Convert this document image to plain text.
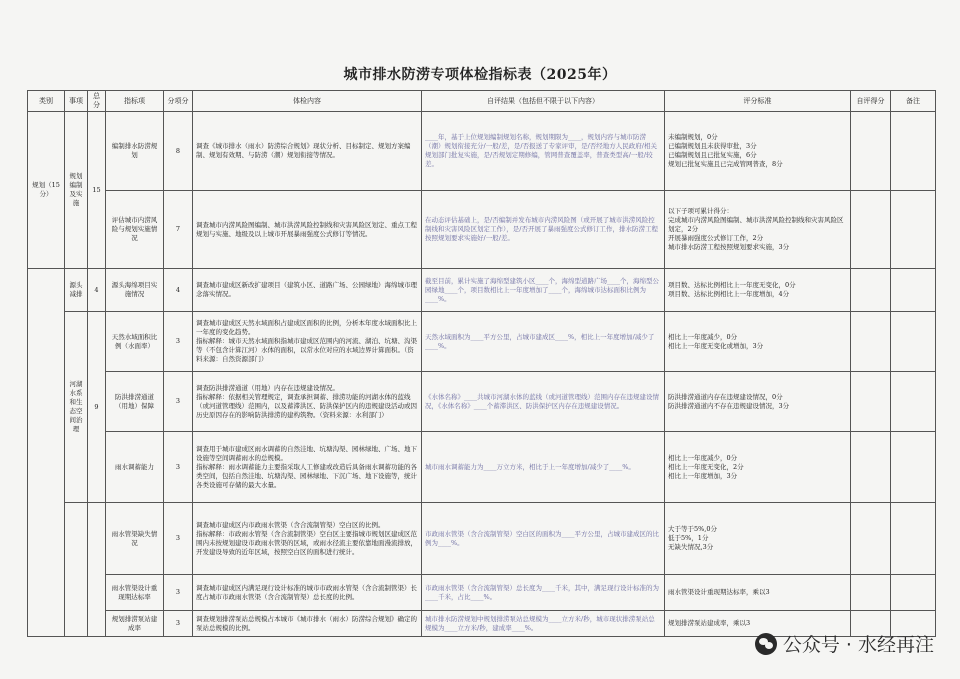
城市排水防涝专项体检指标表（2025年）
类别	事项	总分	指标项	分项分	体检内容	自评结果（包括但不限于以下内容）	评分标准	自评得分	备注
规划（15分）	规划编制及实施	15	编制排水防涝规划	8	调查《城市排水（雨水）防涝综合规划》现状分析、目标制定、规划方案编制、规划有效期、与防涝（潮）规划衔接等情况。	____年，基于上位规划编制规划名称，规划期限为____，规划内容与城市防涝（潮）规划衔接充分/一般/差，是/否报送了专家评审，是/否经地方人民政府/相关规划部门批复实施，是/否规划定期修编，管网普查覆盖率，普查类型高/一般/较差。	未编制规划，0分
已编制规划且未获得审批，3分
已编制规划且已批复实施，6分
规划已批复实施且已完成管网普查，8分		
			评估城市内涝风险与规划实施情况	7	调查城市内涝风险图编制、城市洪涝风险控制线和灾害风险区划定、重点工程规划与实施、地级及以上城市开展暴雨强度公式修订等情况。	在动态评估基础上，是/否编制并发布城市内涝风险图（或开展了城市洪涝风险控制线和灾害风险区划定工作），是/否开展了暴雨强度公式修订工作，排水防涝工程按照规划要求实施好/一般/差。	以下子项可累计得分：
完成城市内涝风险图编制、城市洪涝风险控制线和灾害风险区划定，2分
开展暴雨强度公式修订工作，2分
城市排水防涝工程按照规划要求实施，3分		
	源头减排	4	源头海绵项目实施情况	4	调查城市建成区新改扩建项目（建筑小区、道路广场、公园绿地）海绵城市理念落实情况。	截至目前，累计实施了海绵型建筑小区____个，海绵型道路广场____个，海绵型公园绿地____个，项目数相比上一年度增加了____个，海绵城市达标面积比例为____%。	项目数、达标比例相比上一年度无变化，0分
项目数、达标比例相比上一年度增加，4分		
	河湖水系和生态空间治理	9	天然水域面积比例（水面率）	3	调查城市建成区天然水域面积占建成区面积的比例，分析本年度水域面积比上一年度的变化趋势。
指标解释：城市天然水域面积指城市建成区范围内的河流、湖泊、坑塘、沟渠等（不包含计算江河）水体的面积，以常水位对应的水域边界计算面积。（资料来源：自然资源部门）	天然水域面积为____平方公里，占城市建成区____%，相比上一年度增加/减少了____%。	相比上一年度减少，0分
相比上一年度无变化或增加，3分		
			防洪排涝通道（用地）保障	3	调查防洪排涝通道（用地）内存在违规建设情况。
指标解释：依据相关管理规定，调查承担调蓄、排涝功能的河湖水体的蓝线（或河道管理线）范围内，以及蓄滞洪区、防洪保护区内的违规建设活动或因历史原因存在的影响防洪排涝的建构筑物。（资料来源：水利部门）	《水体名称》____共城市河湖水体的蓝线（或河道管理线）范围内存在违规建设情况，《水体名称》____个蓄滞洪区、防洪保护区内存在违规建设情况。	防洪排涝通道内存在违规建设情况，0分
防洪排涝通道内不存在违规建设情况，3分		
			雨水调蓄能力	3	调查用于城市建成区雨水调蓄的自然洼地、坑塘沟渠、园林绿地、广场、地下设施等空间调蓄雨水的总规模。
指标解释：雨水调蓄能力主要指采取人工修建或改造后具备雨水调蓄功能的各类空间，包括自然洼地、坑塘沟渠、园林绿地、下沉广场、地下设施等，统计各类设施可存储的最大水量。	城市雨水调蓄能力为____万立方米，相比于上一年度增加/减少了____%。	相比上一年度减少，0分
相比上一年度无变化，2分
相比上一年度增加，3分		
			雨水管渠缺失情况	3	调查城市建成区内市政雨水管渠（含合流制管渠）空白区的比例。
指标解释：市政雨水管渠（含合流制管渠）空白区主要指城市规划区建成区范围内未按规划建设市政雨水管渠的区域，或雨水径流主要依靠地面漫流排放，开发建设导致的近年区域，按照空白区的面积进行统计。	市政雨水管渠（含合流制管渠）空白区的面积为____平方公里，占城市建成区的比例为____%。	大于等于5%,0分
低于5%，1分
无缺失情况,3分		
			雨水管渠设计重现期达标率	3	调查城市建成区内满足现行设计标准的城市市政雨水管渠（含合流制管渠）长度占城市市政雨水管渠（含合流制管渠）总长度的比例。	市政雨水管渠（含合流制管渠）总长度为____千米，其中，满足现行设计标准的为____千米，占比____%。	雨水管渠设计重现期达标率，乘以3		
			规划排涝泵站建成率	3	调查规划排涝泵站总规模占本城市《城市排水（雨水）防涝综合规划》确定的泵站总规模的比例。	城市排水防涝规划中规划排涝泵站总规模为____立方米/秒，城市现状排涝泵站总规模为____立方米/秒，建成率____%。	规划排涝泵站建成率，乘以3		
公众号 · 水经再注
